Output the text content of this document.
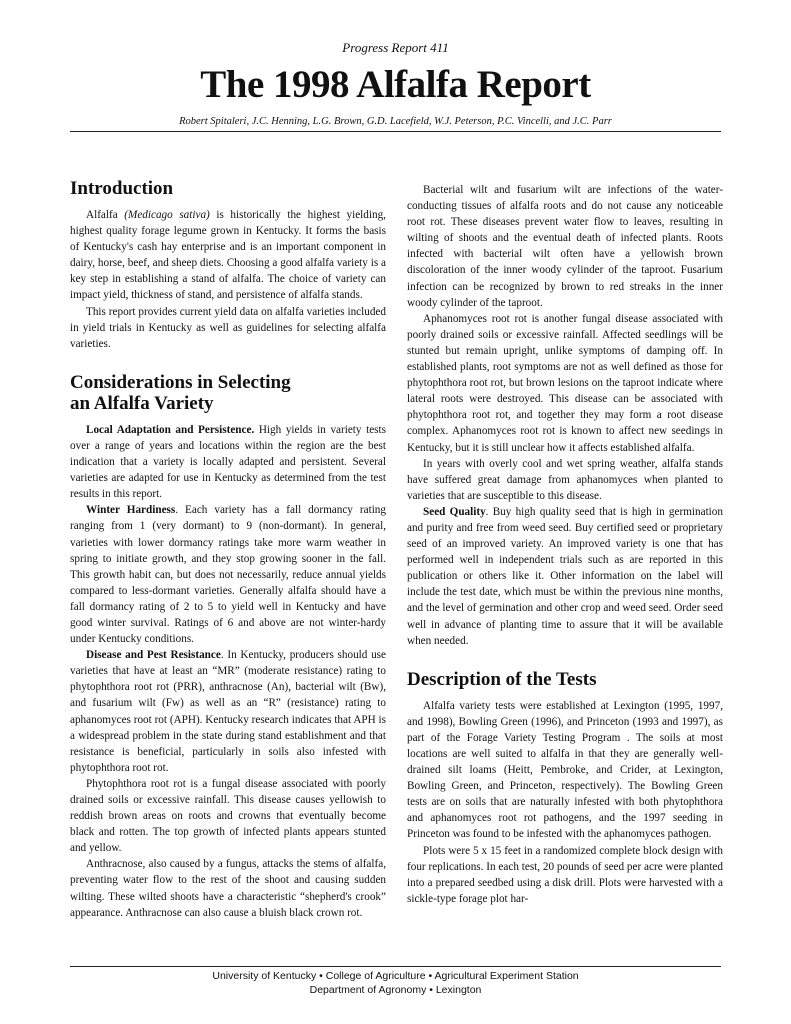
Progress Report 411
The 1998 Alfalfa Report
Robert Spitaleri, J.C. Henning, L.G. Brown, G.D. Lacefield, W.J. Peterson, P.C. Vincelli, and J.C. Parr
Introduction

Alfalfa (Medicago sativa) is historically the highest yielding, highest quality forage legume grown in Kentucky. It forms the basis of Kentucky's cash hay enterprise and is an important component in dairy, horse, beef, and sheep diets. Choosing a good alfalfa variety is a key step in establishing a stand of alfalfa. The choice of variety can impact yield, thickness of stand, and persistence of alfalfa stands.

This report provides current yield data on alfalfa varieties included in yield trials in Kentucky as well as guidelines for selecting alfalfa varieties.

Considerations in Selecting
an Alfalfa Variety

Local Adaptation and Persistence. High yields in variety tests over a range of years and locations within the region are the best indication that a variety is locally adapted and persistent. Several varieties are adapted for use in Kentucky as determined from the test results in this report.

Winter Hardiness. Each variety has a fall dormancy rating ranging from 1 (very dormant) to 9 (non-dormant). In general, varieties with lower dormancy ratings take more warm weather in spring to initiate growth, and they stop growing sooner in the fall. This growth habit can, but does not necessarily, reduce annual yields compared to less-dormant varieties. Generally alfalfa should have a fall dormancy rating of 2 to 5 to yield well in Kentucky and have good winter survival. Ratings of 6 and above are not winter-hardy under Kentucky conditions.

Disease and Pest Resistance. In Kentucky, producers should use varieties that have at least an “MR” (moderate resistance) rating to phytophthora root rot (PRR), anthracnose (An), bacterial wilt (Bw), and fusarium wilt (Fw) as well as an “R” (resistance) rating to aphanomyces root rot (APH). Kentucky research indicates that APH is a widespread problem in the state during stand establishment and that resistance is beneficial, particularly in soils also infested with phytophthora root rot.

Phytophthora root rot is a fungal disease associated with poorly drained soils or excessive rainfall. This disease causes yellowish to reddish brown areas on roots and crowns that eventually become black and rotten. The top growth of infected plants appears stunted and yellow.

Anthracnose, also caused by a fungus, attacks the stems of alfalfa, preventing water flow to the rest of the shoot and causing sudden wilting. These wilted shoots have a characteristic “shepherd's crook” appearance. Anthracnose can also cause a bluish black crown rot.

Bacterial wilt and fusarium wilt are infections of the water-conducting tissues of alfalfa roots and do not cause any noticeable root rot. These diseases prevent water flow to leaves, resulting in wilting of shoots and the eventual death of infected plants. Roots infected with bacterial wilt often have a yellowish brown discoloration of the inner woody cylinder of the taproot. Fusarium infection can be recognized by brown to red streaks in the inner woody cylinder of the taproot.

Aphanomyces root rot is another fungal disease associated with poorly drained soils or excessive rainfall. Affected seedlings will be stunted but remain upright, unlike symptoms of damping off. In established plants, root symptoms are not as well defined as those for phytophthora root rot, but brown lesions on the taproot indicate where lateral roots were destroyed. This disease can be associated with phytophthora root rot, and together they may form a root disease complex. Aphanomyces root rot is known to affect new seedings in Kentucky, but it is still unclear how it affects established alfalfa.

In years with overly cool and wet spring weather, alfalfa stands have suffered great damage from aphanomyces when planted to varieties that are susceptible to this disease.

Seed Quality. Buy high quality seed that is high in germination and purity and free from weed seed. Buy certified seed or proprietary seed of an improved variety. An improved variety is one that has performed well in independent trials such as are reported in this publication or others like it. Other information on the label will include the test date, which must be within the previous nine months, and the level of germination and other crop and weed seed. Order seed well in advance of planting time to assure that it will be available when needed.

Description of the Tests

Alfalfa variety tests were established at Lexington (1995, 1997, and 1998), Bowling Green (1996), and Princeton (1993 and 1997), as part of the Forage Variety Testing Program . The soils at most locations are well suited to alfalfa in that they are generally well-drained silt loams (Heitt, Pembroke, and Crider, at Lexington, Bowling Green, and Princeton, respectively). The Bowling Green tests are on soils that are naturally infested with both phytophthora and aphanomyces root rot pathogens, and the 1997 seeding in Princeton was found to be infested with the aphanomyces pathogen.

Plots were 5 x 15 feet in a randomized complete block design with four replications. In each test, 20 pounds of seed per acre were planted into a prepared seedbed using a disk drill. Plots were harvested with a sickle-type forage plot har-

University of Kentucky • College of Agriculture • Agricultural Experiment Station
Department of Agronomy • Lexington
